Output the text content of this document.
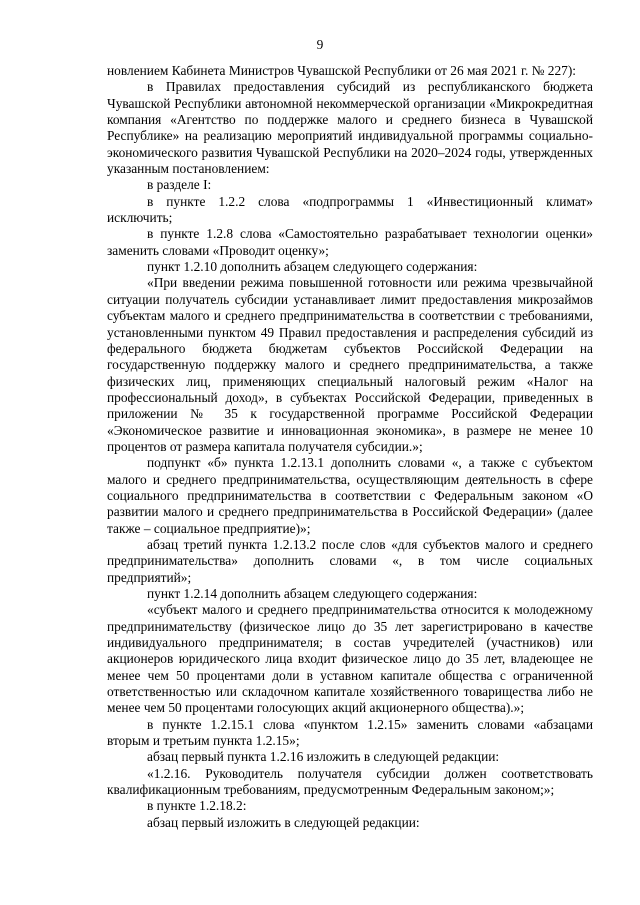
9

новлением Кабинета Министров Чувашской Республики от 26 мая 2021 г. № 227):

в Правилах предоставления субсидий из республиканского бюджета Чувашской Республики автономной некоммерческой организации «Микрокредитная компания «Агентство по поддержке малого и среднего бизнеса в Чувашской Республике» на реализацию мероприятий индивидуальной программы социально-экономического развития Чувашской Республики на 2020–2024 годы, утвержденных указанным постановлением:

в разделе I:

в пункте 1.2.2 слова «подпрограммы 1 «Инвестиционный климат» исключить;

в пункте 1.2.8 слова «Самостоятельно разрабатывает технологии оценки» заменить словами «Проводит оценку»;

пункт 1.2.10 дополнить абзацем следующего содержания:

«При введении режима повышенной готовности или режима чрезвычайной ситуации получатель субсидии устанавливает лимит предоставления микрозаймов субъектам малого и среднего предпринимательства в соответствии с требованиями, установленными пунктом 49 Правил предоставления и распределения субсидий из федерального бюджета бюджетам субъектов Российской Федерации на государственную поддержку малого и среднего предпринимательства, а также физических лиц, применяющих специальный налоговый режим «Налог на профессиональный доход», в субъектах Российской Федерации, приведенных в приложении № 35 к государственной программе Российской Федерации «Экономическое развитие и инновационная экономика», в размере не менее 10 процентов от размера капитала получателя субсидии.»;

подпункт «б» пункта 1.2.13.1 дополнить словами «, а также с субъектом малого и среднего предпринимательства, осуществляющим деятельность в сфере социального предпринимательства в соответствии с Федеральным законом «О развитии малого и среднего предпринимательства в Российской Федерации» (далее также – социальное предприятие)»;

абзац третий пункта 1.2.13.2 после слов «для субъектов малого и среднего предпринимательства» дополнить словами «, в том числе социальных предприятий»;

пункт 1.2.14 дополнить абзацем следующего содержания:

«субъект малого и среднего предпринимательства относится к молодежному предпринимательству (физическое лицо до 35 лет зарегистрировано в качестве индивидуального предпринимателя; в состав учредителей (участников) или акционеров юридического лица входит физическое лицо до 35 лет, владеющее не менее чем 50 процентами доли в уставном капитале общества с ограниченной ответственностью или складочном капитале хозяйственного товарищества либо не менее чем 50 процентами голосующих акций акционерного общества).»;

в пункте 1.2.15.1 слова «пунктом 1.2.15» заменить словами «абзацами вторым и третьим пункта 1.2.15»;

абзац первый пункта 1.2.16 изложить в следующей редакции:

«1.2.16. Руководитель получателя субсидии должен соответствовать квалификационным требованиям, предусмотренным Федеральным законом;»;

в пункте 1.2.18.2:

абзац первый изложить в следующей редакции:
